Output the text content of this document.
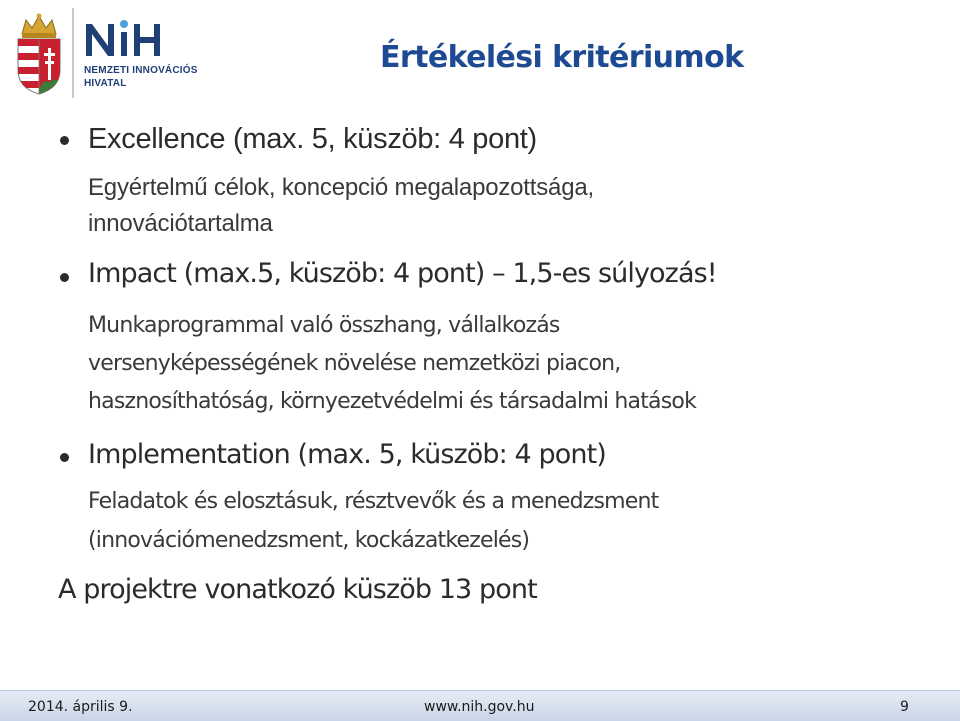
NEMZETI INNOVÁCIÓS
HIVATAL
Értékelési kritériumok
Excellence (max. 5, küszöb: 4 pont)
Egyértelmű célok, koncepció megalapozottsága,
innovációtartalma
Impact (max.5, küszöb: 4 pont) – 1,5-es súlyozás!
Munkaprogrammal való összhang, vállalkozás
versenyképességének növelése nemzetközi piacon,
hasznosíthatóság, környezetvédelmi és társadalmi hatások
Implementation (max. 5, küszöb: 4 pont)
Feladatok és elosztásuk, résztvevők és a menedzsment
(innovációmenedzsment, kockázatkezelés)
A projektre vonatkozó küszöb 13 pont
2014. április 9.	www.nih.gov.hu	9
